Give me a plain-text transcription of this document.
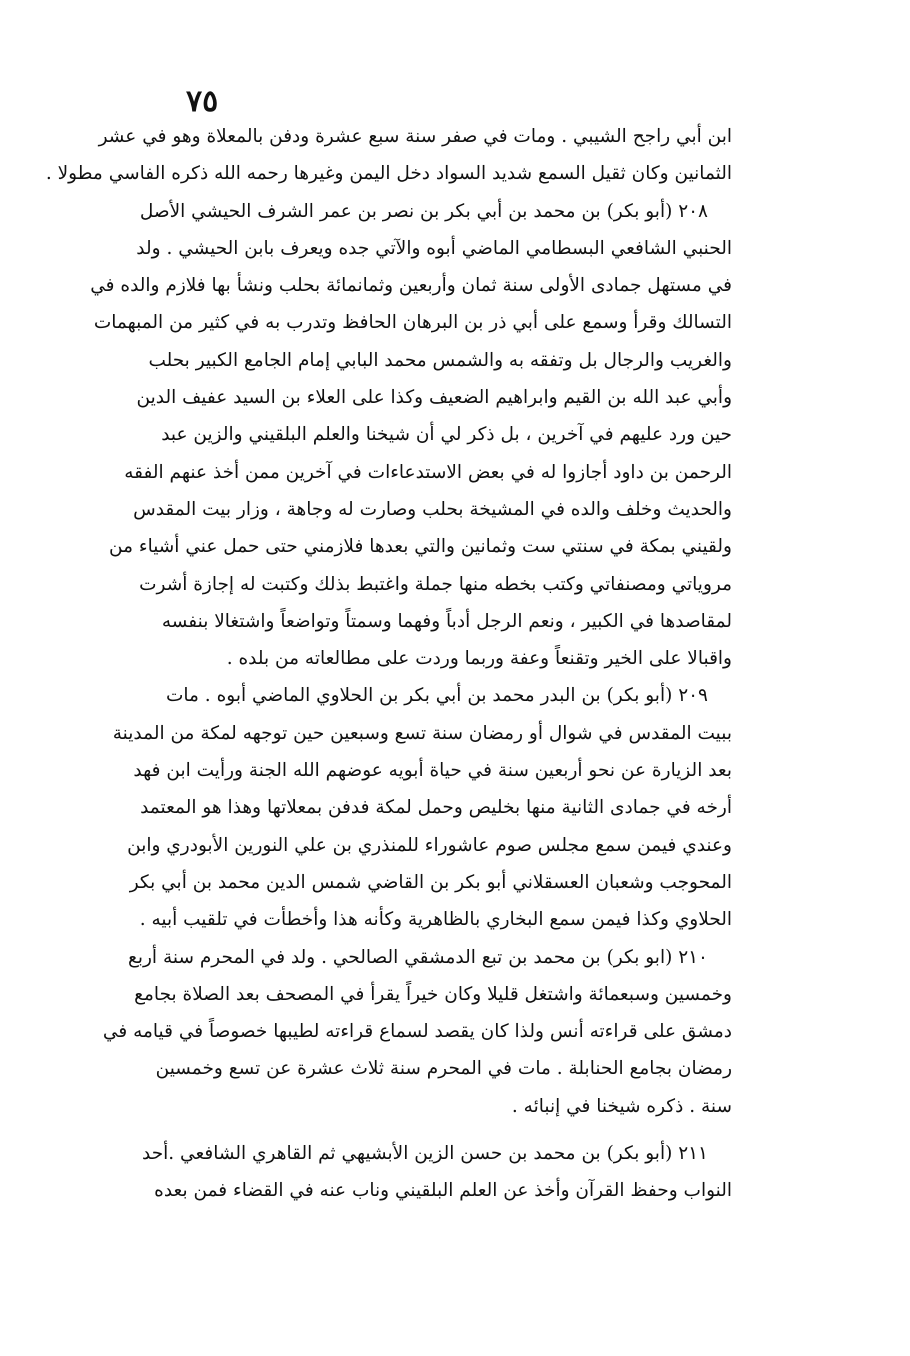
٧٥
ابن أبي راجح الشيبي . ومات في صفر سنة سبع عشرة ودفن بالمعلاة وهو في عشر
الثمانين وكان ثقيل السمع شديد السواد دخل اليمن وغيرها رحمه الله ذكره الفاسي مطولا .
٢٠٨ (أبو بكر) بن محمد بن أبي بكر بن نصر بن عمر الشرف الحيشي الأصل
الحنبي الشافعي البسطامي الماضي أبوه والآتي جده ويعرف بابن الحيشي . ولد
في مستهل جمادى الأولى سنة ثمان وأربعين وثمانمائة بحلب ونشأ بها فلازم والده في
التسالك وقرأ وسمع على أبي ذر بن البرهان الحافظ وتدرب به في كثير من المبهمات
والغريب والرجال بل وتفقه به والشمس محمد البابي إمام الجامع الكبير بحلب
وأبي عبد الله بن القيم وابراهيم الضعيف وكذا على العلاء بن السيد عفيف الدين
حين ورد عليهم في آخرين ، بل ذكر لي أن شيخنا والعلم البلقيني والزين عبد
الرحمن بن داود أجازوا له في بعض الاستدعاءات في آخرين ممن أخذ عنهم الفقه
والحديث وخلف والده في المشيخة بحلب وصارت له وجاهة ، وزار بيت المقدس
ولقيني بمكة في سنتي ست وثمانين والتي بعدها فلازمني حتى حمل عني أشياء من
مروياتي ومصنفاتي وكتب بخطه منها جملة واغتبط بذلك وكتبت له إجازة أشرت
لمقاصدها في الكبير ، ونعم الرجل أدباً وفهما وسمتاً وتواضعاً واشتغالا بنفسه
واقبالا على الخير وتقنعاً وعفة وربما وردت على مطالعاته من بلده .
٢٠٩ (أبو بكر) بن البدر محمد بن أبي بكر بن الحلاوي الماضي أبوه . مات
ببيت المقدس في شوال أو رمضان سنة تسع وسبعين حين توجهه لمكة من المدينة
بعد الزيارة عن نحو أربعين سنة في حياة أبويه عوضهم الله الجنة ورأيت ابن فهد
أرخه في جمادى الثانية منها بخليص وحمل لمكة فدفن بمعلاتها وهذا هو المعتمد
وعندي فيمن سمع مجلس صوم عاشوراء للمنذري بن علي النورين الأبودري وابن
المحوجب وشعبان العسقلاني أبو بكر بن القاضي شمس الدين محمد بن أبي بكر
الحلاوي وكذا فيمن سمع البخاري بالظاهرية وكأنه هذا وأخطأت في تلقيب أبيه .
٢١٠ (ابو بكر) بن محمد بن تبع الدمشقي الصالحي . ولد في المحرم سنة أربع
وخمسين وسبعمائة واشتغل قليلا وكان خيراً يقرأ في المصحف بعد الصلاة بجامع
دمشق على قراءته أنس ولذا كان يقصد لسماع قراءته لطيبها خصوصاً في قيامه في
رمضان بجامع الحنابلة . مات في المحرم سنة ثلاث عشرة عن تسع وخمسين
سنة . ذكره شيخنا في إنبائه .
٢١١ (أبو بكر) بن محمد بن حسن الزين الأبشيهي ثم القاهري الشافعي .أحد
النواب وحفظ القرآن وأخذ عن العلم البلقيني وناب عنه في القضاء فمن بعده
